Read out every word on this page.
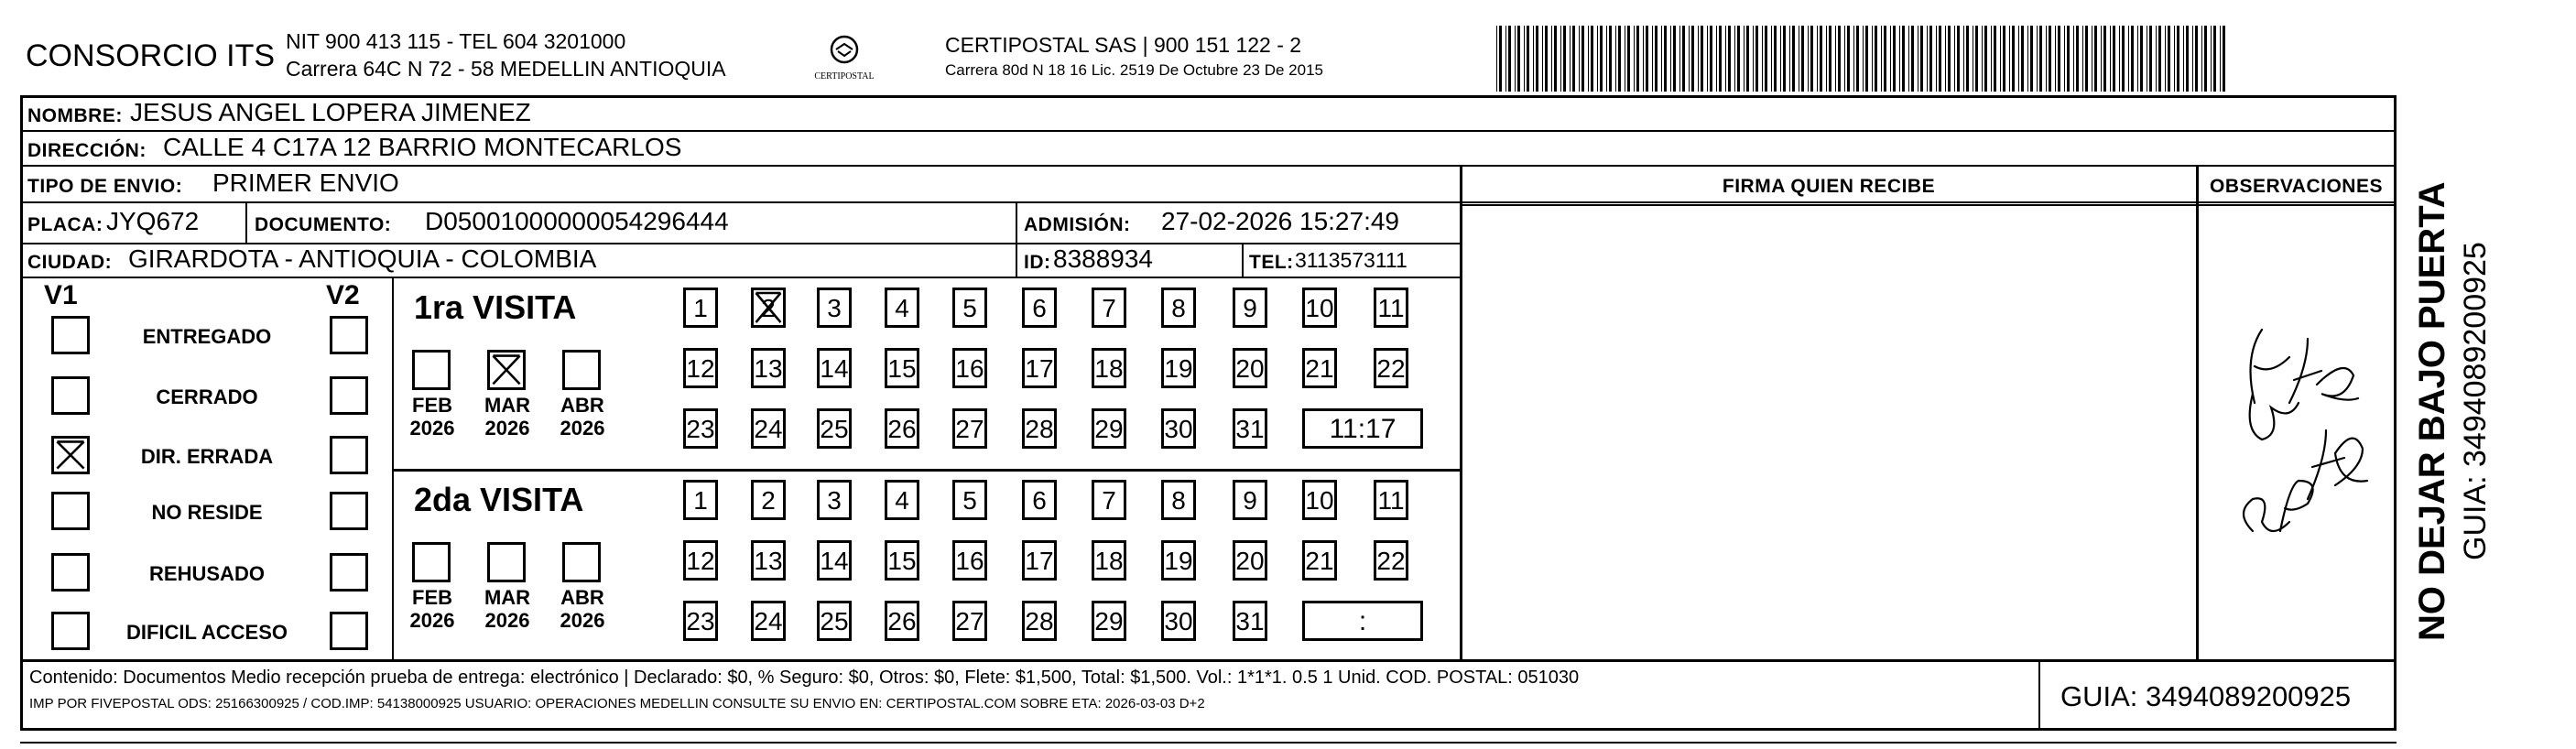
CONSORCIO ITS NIT 900 413 115 - TEL 604 3201000
Carrera 64C N 72 - 58 MEDELLIN ANTIOQUIA	CERTIPOSTAL
CERTIPOSTAL SAS | 900 151 122 - 2
Carrera 80d N 18 16 Lic. 2519 De Octubre 23 De 2015
NOMBRE: JESUS ANGEL LOPERA JIMENEZ
DIRECCIÓN: CALLE 4 C17A 12 BARRIO MONTECARLOS
TIPO DE ENVIO: PRIMER ENVIO
PLACA: JYQ672	DOCUMENTO: D05001000000054296444	ADMISIÓN: 27-02-2026 15:27:49
CIUDAD: GIRARDOTA - ANTIOQUIA - COLOMBIA	ID: 8388934	TEL: 3113573111
FIRMA QUIEN RECIBE	OBSERVACIONES
V1	V2
ENTREGADO
CERRADO
DIR. ERRADA
NO RESIDE
REHUSADO
DIFICIL ACCESO
1ra VISITA
FEB
2026
MAR
2026
ABR
2026
1	2	3	4	5	6	7	8	9	10 11
12 13 14 15 16 17 18 19 20 21 22
23 24 25 26 27 28 29 30 31	11:17
2da VISITA
FEB
2026
MAR
2026
ABR
2026
1	2	3	4	5	6	7	8	9	10 11
12 13 14 15 16 17 18 19 20 21 22
23 24 25 26 27 28 29 30 31	:
Contenido: Documentos Medio recepción prueba de entrega: electrónico | Declarado: $0, % Seguro: $0, Otros: $0, Flete: $1,500, Total: $1,500. Vol.: 1*1*1. 0.5 1 Unid. COD. POSTAL: 051030
IMP POR FIVEPOSTAL ODS: 25166300925 / COD.IMP: 54138000925 USUARIO: OPERACIONES MEDELLIN CONSULTE SU ENVIO EN: CERTIPOSTAL.COM SOBRE ETA: 2026-03-03 D+2	GUIA: 3494089200925
NO DEJAR BAJO PUERTA GUIA: 3494089200925
